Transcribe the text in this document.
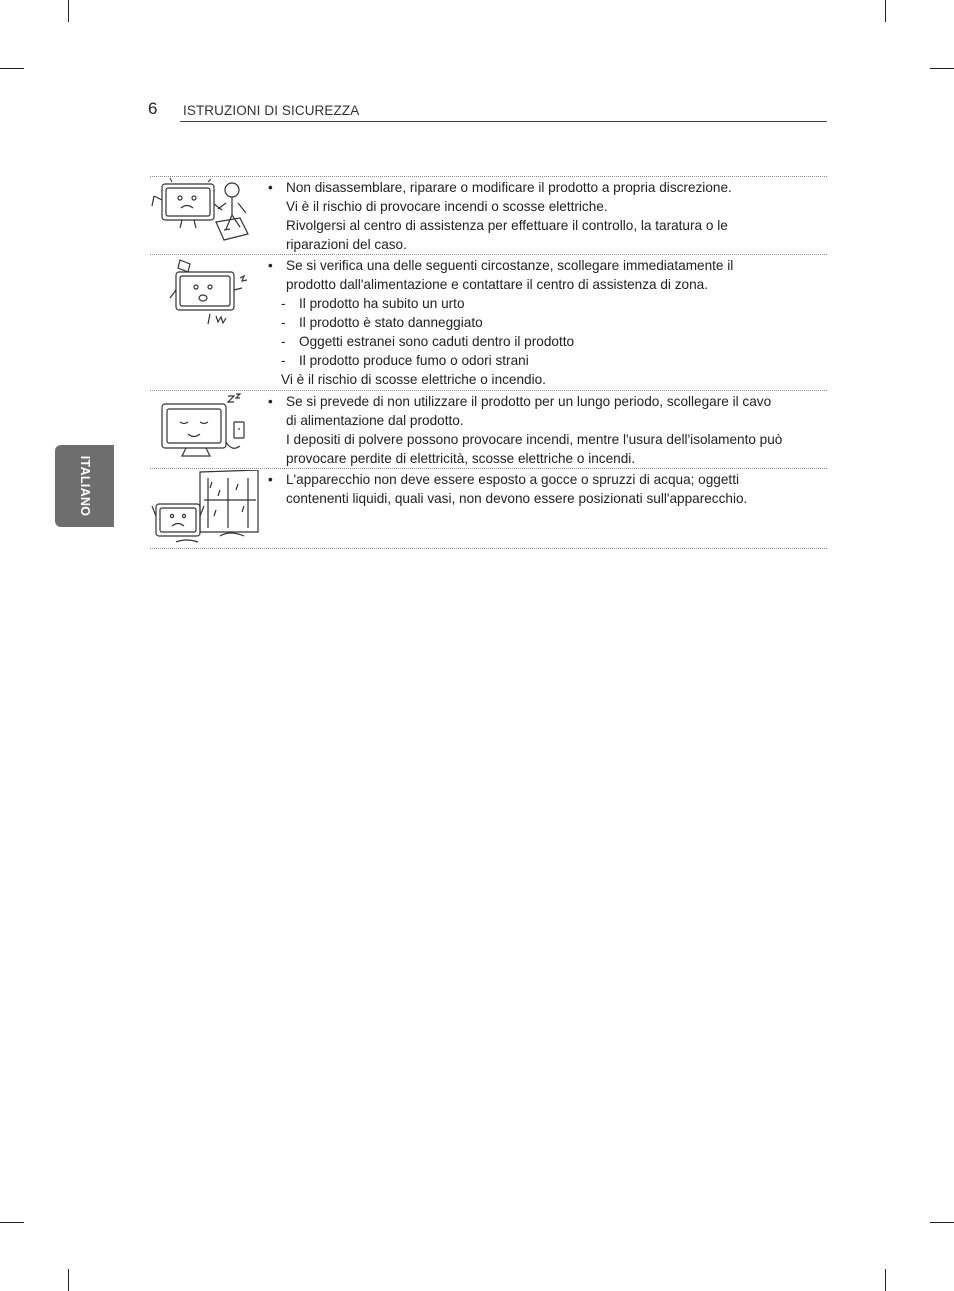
6 ISTRUZIONI DI SICUREZZA
ITALIANO
• Non disassemblare, riparare o modificare il prodotto a propria discrezione.
Vi è il rischio di provocare incendi o scosse elettriche.
Rivolgersi al centro di assistenza per effettuare il controllo, la taratura o le
riparazioni del caso.
• Se si verifica una delle seguenti circostanze, scollegare immediatamente il
prodotto dall'alimentazione e contattare il centro di assistenza di zona.
- Il prodotto ha subito un urto
- Il prodotto è stato danneggiato
- Oggetti estranei sono caduti dentro il prodotto
- Il prodotto produce fumo o odori strani
Vi è il rischio di scosse elettriche o incendio.
• Se si prevede di non utilizzare il prodotto per un lungo periodo, scollegare il cavo
di alimentazione dal prodotto.
I depositi di polvere possono provocare incendi, mentre l'usura dell'isolamento può
provocare perdite di elettricità, scosse elettriche o incendi.
• L'apparecchio non deve essere esposto a gocce o spruzzi di acqua; oggetti
contenenti liquidi, quali vasi, non devono essere posizionati sull'apparecchio.
